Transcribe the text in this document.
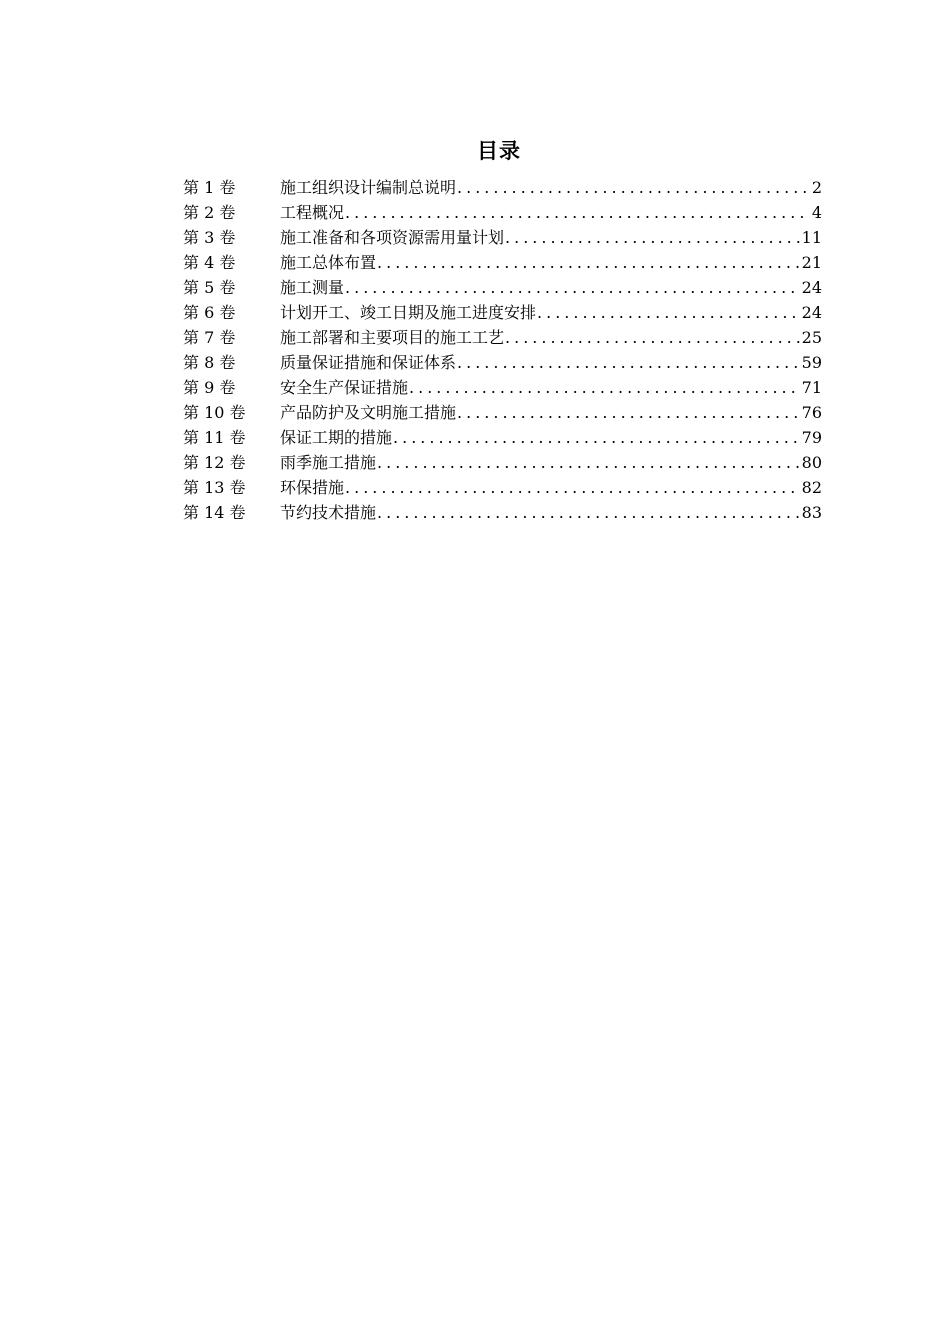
目录
第 1 卷	施工组织设计编制总说明 .....	2
第 2 卷	工程概况 .....	4
第 3 卷	施工准备和各项资源需用量计划 .....	11
第 4 卷	施工总体布置 .....	21
第 5 卷	施工测量 .....	24
第 6 卷	计划开工、竣工日期及施工进度安排 .....	24
第 7 卷	施工部署和主要项目的施工工艺 .....	25
第 8 卷	质量保证措施和保证体系 .....	59
第 9 卷	安全生产保证措施 .....	71
第 10 卷	产品防护及文明施工措施 .....	76
第 11 卷	保证工期的措施 .....	79
第 12 卷	雨季施工措施 .....	80
第 13 卷	环保措施 .....	82
第 14 卷	节约技术措施 .....	83
